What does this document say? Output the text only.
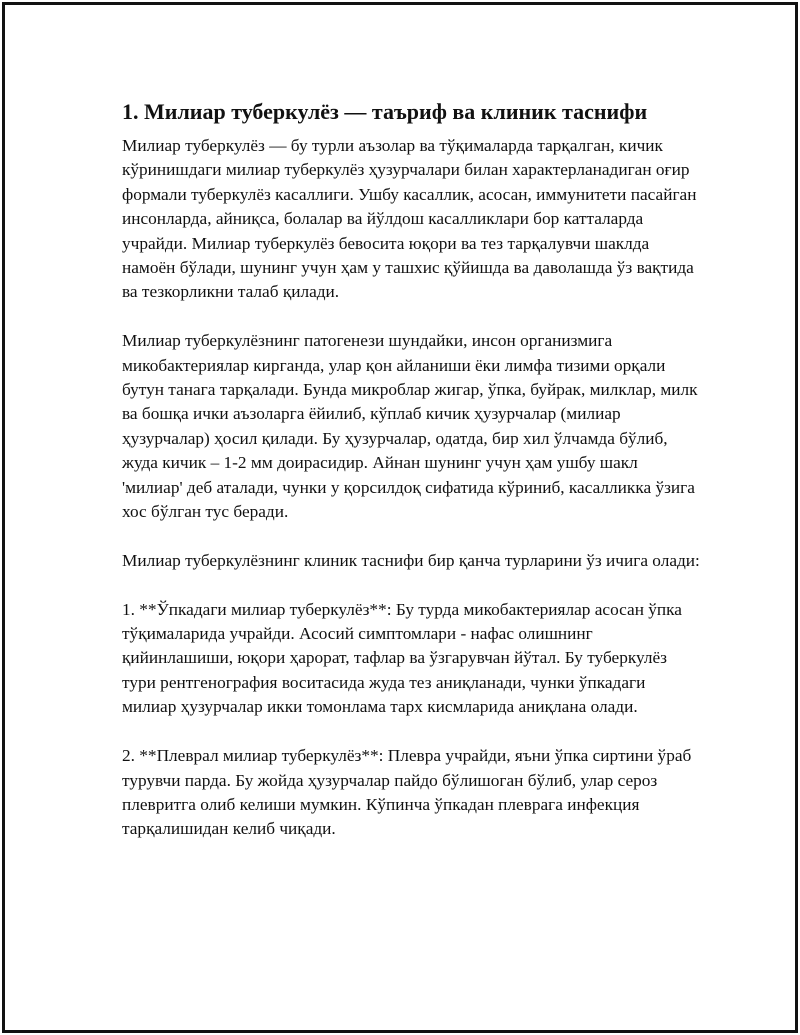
1. Милиар туберкулёз — таъриф ва клиник таснифи

Милиар туберкулёз — бу турли аъзолар ва тўқималарда тарқалган, кичик кўринишдаги милиар туберкулёз ҳузурчалари билан характерланадиган оғир формали туберкулёз касаллиги. Ушбу касаллик, асосан, иммунитети пасайган инсонларда, айниқса, болалар ва йўлдош касалликлари бор катталарда учрайди. Милиар туберкулёз бевосита юқори ва тез тарқалувчи шаклда намоён бўлади, шунинг учун ҳам у ташхис қўйишда ва даволашда ўз вақтида ва тезкорликни талаб қилади.

Милиар туберкулёзнинг патогенези шундайки, инсон организмига микобактериялар кирганда, улар қон айланиши ёки лимфа тизими орқали бутун танага тарқалади. Бунда микроблар жигар, ўпка, буйрак, милклар, милк ва бошқа ички аъзоларга ёйилиб, кўплаб кичик ҳузурчалар (милиар ҳузурчалар) ҳосил қилади. Бу ҳузурчалар, одатда, бир хил ўлчамда бўлиб, жуда кичик – 1-2 мм доирасидир. Айнан шунинг учун ҳам ушбу шакл 'милиар' деб аталади, чунки у қорсилдоқ сифатида кўриниб, касалликка ўзига хос бўлган тус беради.

Милиар туберкулёзнинг клиник таснифи бир қанча турларини ўз ичига олади:

1. **Ўпкадаги милиар туберкулёз**: Бу турда микобактериялар асосан ўпка тўқималарида учрайди. Асосий симптомлари - нафас олишнинг қийинлашиши, юқори ҳарорат, тафлар ва ўзгарувчан йўтал. Бу туберкулёз тури рентгенография воситасида жуда тез аниқланади, чунки ўпкадаги милиар ҳузурчалар икки томонлама тарх кисмларида аниқлана олади.

2. **Плеврал милиар туберкулёз**: Плевра учрайди, яъни ўпка сиртини ўраб турувчи парда. Бу жойда ҳузурчалар пайдо бўлишоган бўлиб, улар сероз плевритга олиб келиши мумкин. Кўпинча ўпкадан плеврага инфекция тарқалишидан келиб чиқади.
